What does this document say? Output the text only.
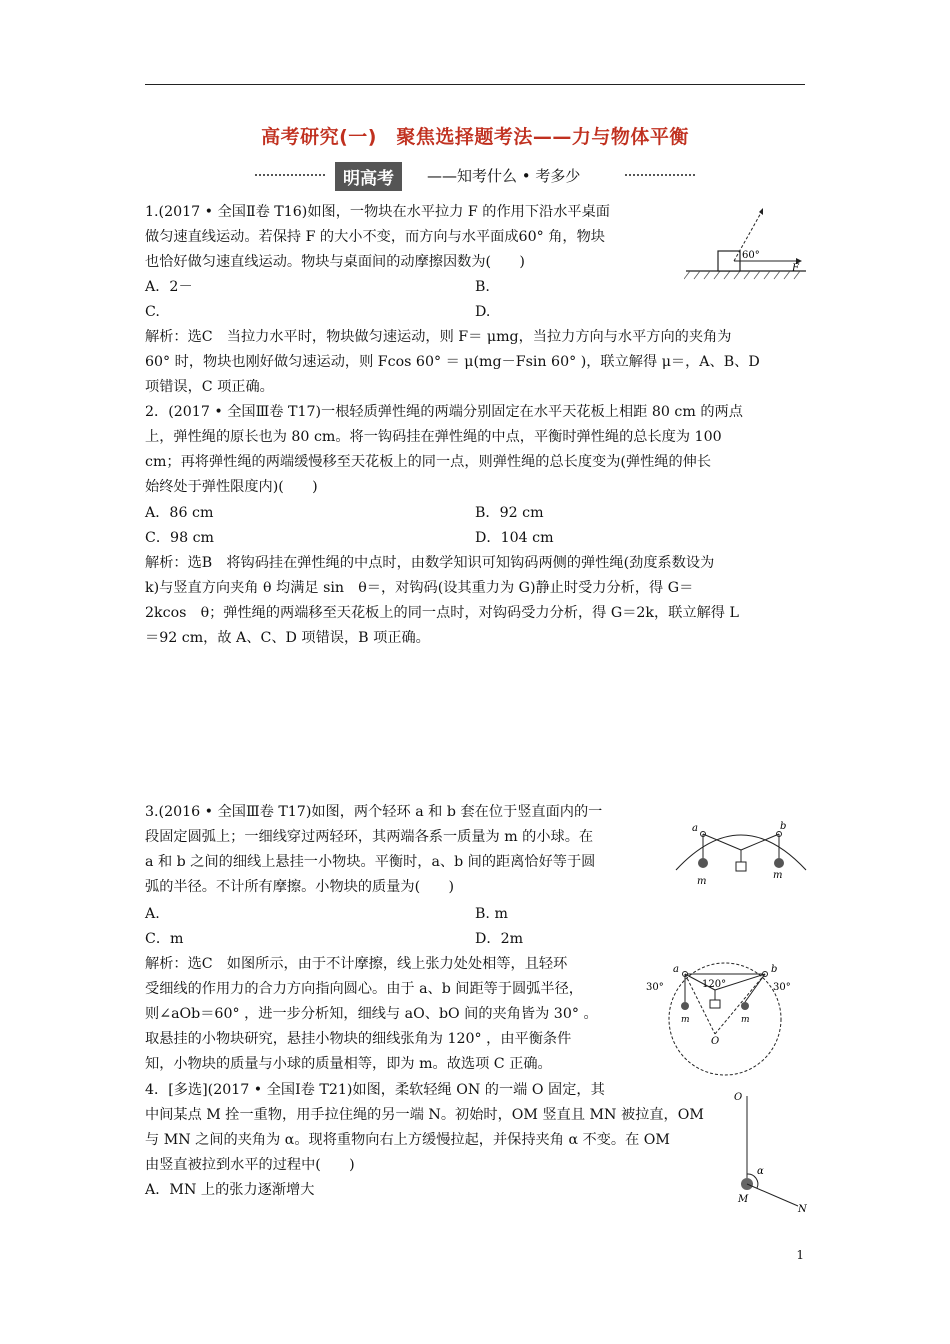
高考研究(一)　聚焦选择题考法——力与物体平衡
明高考	——知考什么 • 考多少
1.(2017 • 全国Ⅱ卷 T16)如图，一物块在水平拉力 F 的作用下沿水平桌面
做匀速直线运动。若保持 F 的大小不变，而方向与水平面成60° 角，物块
也恰好做匀速直线运动。物块与桌面间的动摩擦因数为(　　)
A．2－	B.
C.	D.
解析：选C　当拉力水平时，物块做匀速运动，则 F＝ μmg，当拉力方向与水平方向的夹角为
60° 时，物块也刚好做匀速运动，则 Fcos 60° ＝ μ(mg－Fsin 60° )，联立解得 μ＝，A、B、D
项错误，C 项正确。
60°
F
2．(2017 • 全国Ⅲ卷 T17)一根轻质弹性绳的两端分别固定在水平天花板上相距 80 cm 的两点
上，弹性绳的原长也为 80 cm。将一钩码挂在弹性绳的中点，平衡时弹性绳的总长度为 100
cm；再将弹性绳的两端缓慢移至天花板上的同一点，则弹性绳的总长度变为(弹性绳的伸长
始终处于弹性限度内)(　　)
A．86 cm	B．92 cm
C．98 cm	D．104 cm
解析：选B　将钩码挂在弹性绳的中点时，由数学知识可知钩码两侧的弹性绳(劲度系数设为
k)与竖直方向夹角 θ 均满足 sin　θ＝，对钩码(设其重力为 G)静止时受力分析，得 G＝
2kcos　θ；弹性绳的两端移至天花板上的同一点时，对钩码受力分析，得 G＝2k，联立解得 L
＝92 cm，故 A、C、D 项错误，B 项正确。
3.(2016 • 全国Ⅲ卷 T17)如图，两个轻环 a 和 b 套在位于竖直面内的一
段固定圆弧上；一细线穿过两轻环，其两端各系一质量为 m 的小球。在
a 和 b 之间的细线上悬挂一小物块。平衡时，a、b 间的距离恰好等于圆
弧的半径。不计所有摩擦。小物块的质量为(　　)
A.	B. m
C．m	D．2m
解析：选C　如图所示，由于不计摩擦，线上张力处处相等，且轻环
受细线的作用力的合力方向指向圆心。由于 a、b 间距等于圆弧半径，
则∠aOb＝60° ，进一步分析知，细线与 aO、bO 间的夹角皆为 30° 。
取悬挂的小物块研究，悬挂小物块的细线张角为 120° ，由平衡条件
知，小物块的质量与小球的质量相等，即为 m。故选项 C 正确。
a	b
m
m
a	b
m	m
O
30°	30°
120°
4．[多选](2017 • 全国Ⅰ卷 T21)如图，柔软轻绳 ON 的一端 O 固定，其
中间某点 M 拴一重物，用手拉住绳的另一端 N。初始时，OM 竖直且 MN 被拉直，OM
与 MN 之间的夹角为 α。现将重物向右上方缓慢拉起，并保持夹角 α 不变。在 OM
由竖直被拉到水平的过程中(　　)
A．MN 上的张力逐渐增大
O
α
M
N
1
